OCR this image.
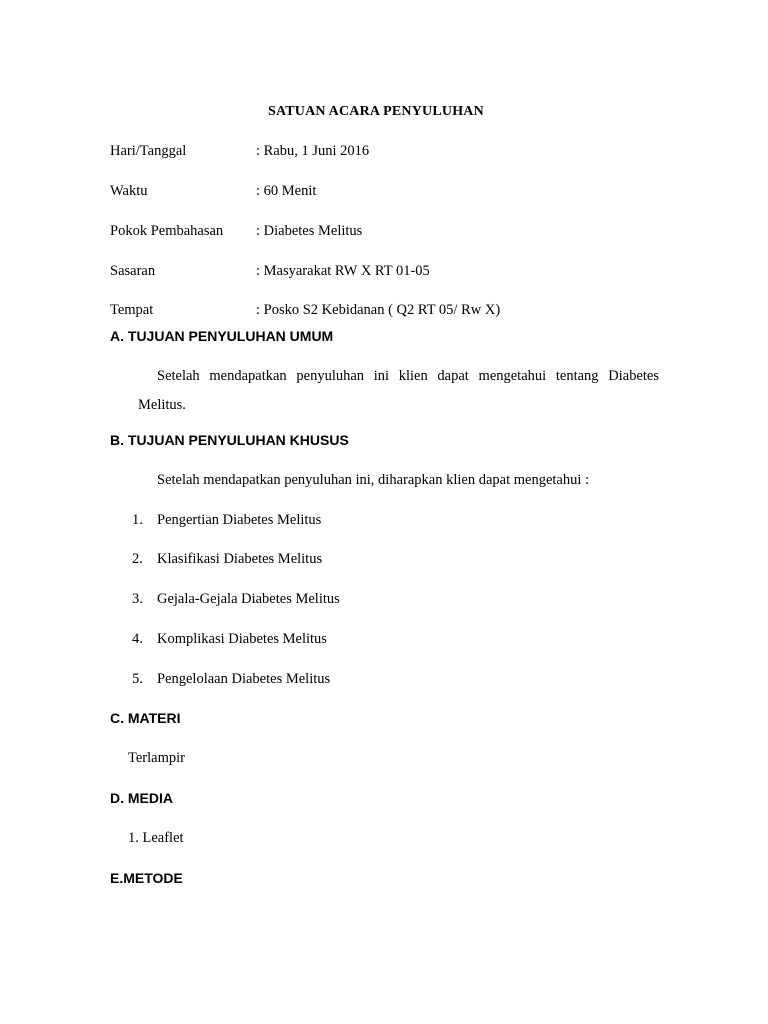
SATUAN ACARA PENYULUHAN
Hari/Tanggal	: Rabu, 1 Juni 2016
Waktu	: 60 Menit
Pokok Pembahasan : Diabetes Melitus
Sasaran	: Masyarakat RW X RT 01-05
Tempat	: Posko S2 Kebidanan ( Q2 RT 05/ Rw X)
A. TUJUAN PENYULUHAN UMUM
Setelah mendapatkan penyuluhan ini klien dapat mengetahui tentang Diabetes Melitus.
B. TUJUAN PENYULUHAN KHUSUS
Setelah mendapatkan penyuluhan ini, diharapkan klien dapat mengetahui :
1. Pengertian Diabetes Melitus
2. Klasifikasi Diabetes Melitus
3. Gejala-Gejala Diabetes Melitus
4. Komplikasi Diabetes Melitus
5. Pengelolaan Diabetes Melitus
C. MATERI
Terlampir
D. MEDIA
1. Leaflet
E.METODE
